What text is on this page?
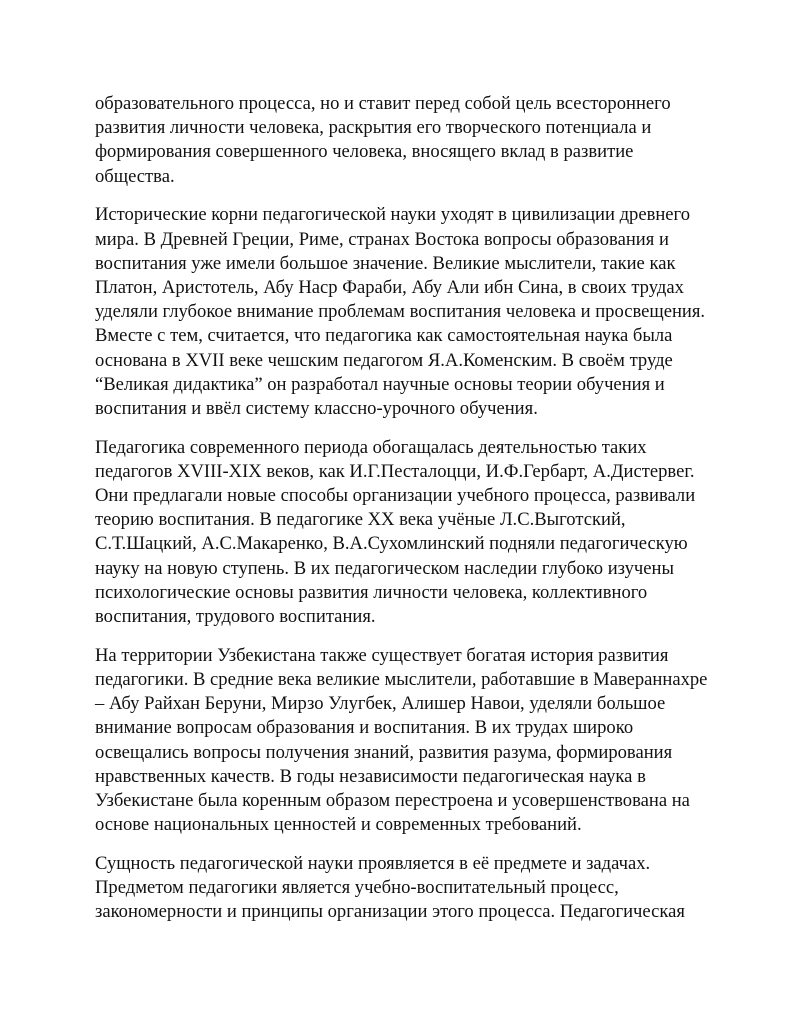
образовательного процесса, но и ставит перед собой цель всестороннего
развития личности человека, раскрытия его творческого потенциала и
формирования совершенного человека, вносящего вклад в развитие
общества.

Исторические корни педагогической науки уходят в цивилизации древнего
мира. В Древней Греции, Риме, странах Востока вопросы образования и
воспитания уже имели большое значение. Великие мыслители, такие как
Платон, Аристотель, Абу Наср Фараби, Абу Али ибн Сина, в своих трудах
уделяли глубокое внимание проблемам воспитания человека и просвещения.
Вместе с тем, считается, что педагогика как самостоятельная наука была
основана в XVII веке чешским педагогом Я.А.Коменским. В своём труде
“Великая дидактика” он разработал научные основы теории обучения и
воспитания и ввёл систему классно-урочного обучения.

Педагогика современного периода обогащалась деятельностью таких
педагогов XVIII-XIX веков, как И.Г.Песталоцци, И.Ф.Гербарт, А.Дистервег.
Они предлагали новые способы организации учебного процесса, развивали
теорию воспитания. В педагогике XX века учёные Л.С.Выготский,
С.Т.Шацкий, А.С.Макаренко, В.А.Сухомлинский подняли педагогическую
науку на новую ступень. В их педагогическом наследии глубоко изучены
психологические основы развития личности человека, коллективного
воспитания, трудового воспитания.

На территории Узбекистана также существует богатая история развития
педагогики. В средние века великие мыслители, работавшие в Мавераннахре
– Абу Райхан Беруни, Мирзо Улугбек, Алишер Навои, уделяли большое
внимание вопросам образования и воспитания. В их трудах широко
освещались вопросы получения знаний, развития разума, формирования
нравственных качеств. В годы независимости педагогическая наука в
Узбекистане была коренным образом перестроена и усовершенствована на
основе национальных ценностей и современных требований.

Сущность педагогической науки проявляется в её предмете и задачах.
Предметом педагогики является учебно-воспитательный процесс,
закономерности и принципы организации этого процесса. Педагогическая
